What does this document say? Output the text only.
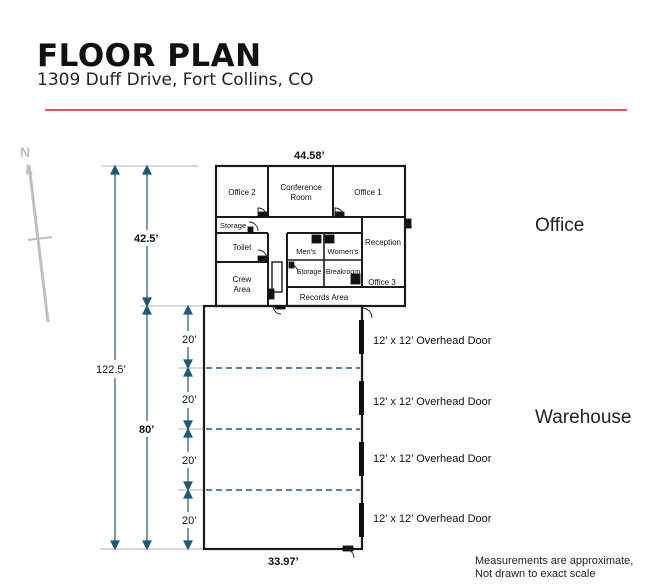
FLOOR PLAN
1309 Duff Drive, Fort Collins, CO
N	44.58’
33.97’
122.5’
42.5’
80’
20’
20’
20’
20’
Office 2
Conference
Room
Office 1
Storage
Toilet	Men's Women's
Reception
Crew
Area
Storage Breakroom
Office 3
Records Area
Office
Warehouse
12’ x 12’ Overhead Door
12’ x 12’ Overhead Door
12’ x 12’ Overhead Door
12’ x 12’ Overhead Door
Measurements are approximate,
Not drawn to exact scale
